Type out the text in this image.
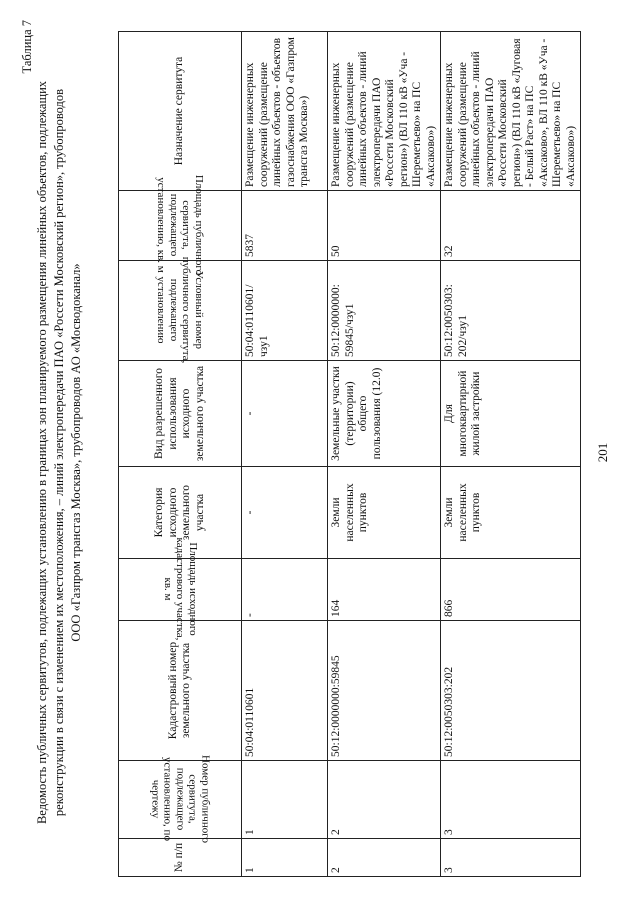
Таблица 7
Ведомость публичных сервитутов, подлежащих установлению в границах зон планируемого размещения линейных объектов, подлежащих реконструкции в связи с изменением их местоположения, – линий электропередачи ПАО «Россети Московский регион», трубопроводов ООО «Газпром трансгаз Москва», трубопроводов АО «Мосводоканал»
№ п/п	Номер публичного сервитута, подлежащего установлению, по чертежу	Кадастровый номер земельного участка	Площадь исходного кадастрового участка, кв. м	Категория исходного земельного участка	Вид разрешенного использования исходного земельного участка	Условный номер публичного сервитута, подлежащего установлению	Площадь публичного сервитута, подлежащего установлению, кв. м	Назначение сервитута
1	1	50:04:0110601	-	-	-	50:04:0110601/ чзу1	5837	Размещение инженерных сооружений (размещение линейных объектов - объектов газоснабжения ООО «Газпром трансгаз Москва»)
2	2	50:12:0000000:59845	164	Земли населенных пунктов	Земельные участки (территории) общего пользования (12.0)	50:12:0000000: 59845/чзу1	50	Размещение инженерных сооружений (размещение линейных объектов - линий электропередачи ПАО «Россети Московский регион») (ВЛ 110 кВ «Уча - Шереметьево» на ПС «Аксаково»)
3	3	50:12:0050303:202	866	Земли населенных пунктов	Для многоквартирной жилой застройки	50:12:0050303: 202/чзу1	32	Размещение инженерных сооружений (размещение линейных объектов - линий электропередачи ПАО «Россети Московский регион») (ВЛ 110 кВ «Луговая - Белый Раст» на ПС «Аксаково», ВЛ 110 кВ «Уча - Шереметьево» на ПС «Аксаково»)
201
